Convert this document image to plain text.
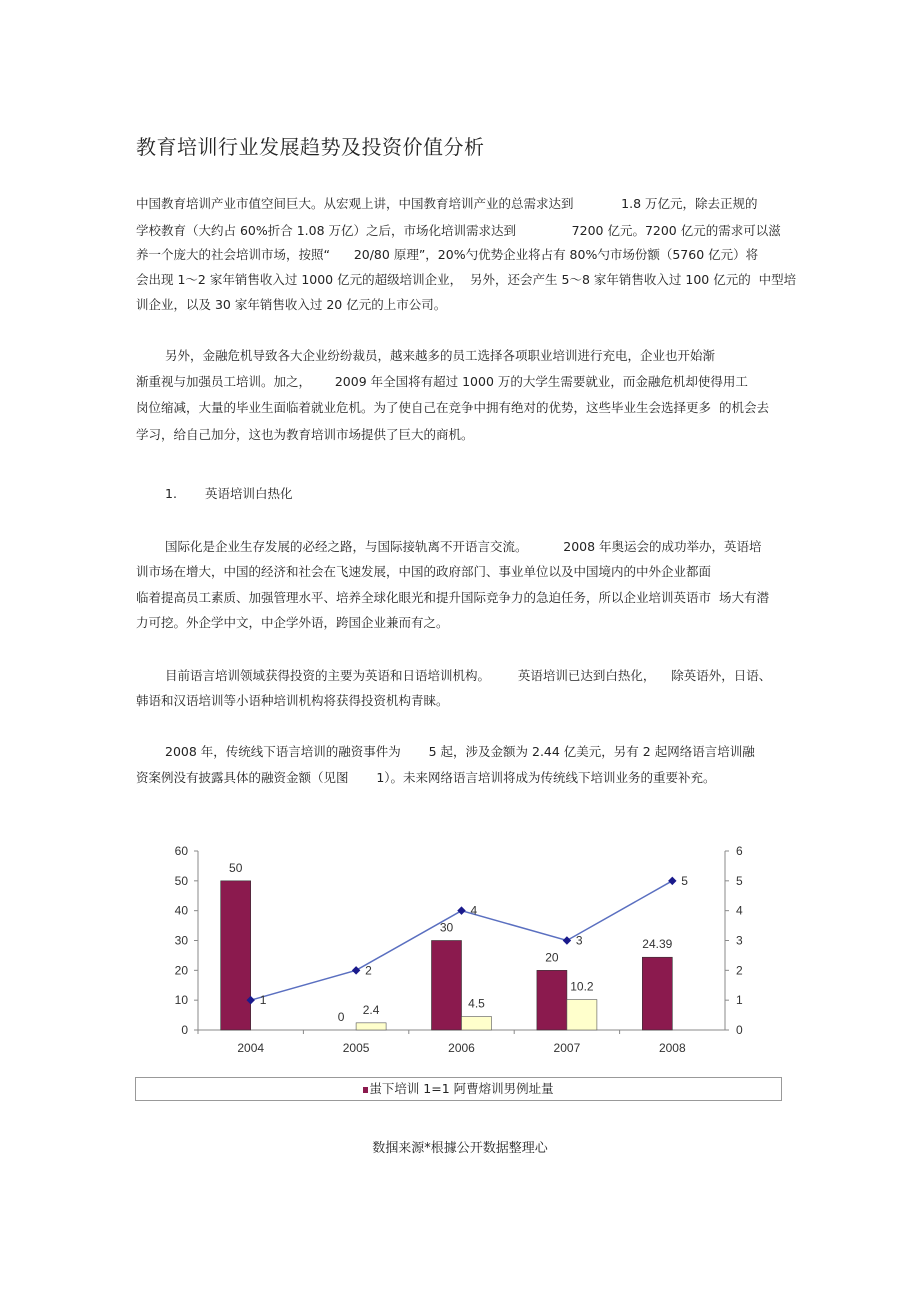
教育培训行业发展趋势及投资价值分析
中国教育培训产业市值空间巨大。从宏观上讲，中国教育培训产业的总需求达到            1.8 万亿元，除去正规的
学校教育（大约占 60%折合 1.08 万亿）之后，市场化培训需求达到              7200 亿元。7200 亿元的需求可以滋
养一个庞大的社会培训市场，按照“      20/80 原理”，20%勺优势企业将占有 80%勺市场份额（5760 亿元）将
会出现 1～2 家年销售收入过 1000 亿元的超级培训企业，  另外，还会产生 5～8 家年销售收入过 100 亿元的  中型培
训企业，以及 30 家年销售收入过 20 亿元的上市公司。
另外，金融危机导致各大企业纷纷裁员，越来越多的员工选择各项职业培训进行充电，企业也开始渐
渐重视与加强员工培训。加之，      2009 年全国将有超过 1000 万的大学生需要就业，而金融危机却使得用工
岗位缩减，大量的毕业生面临着就业危机。为了使自己在竞争中拥有绝对的优势，这些毕业生会选择更多  的机会去
学习，给自己加分，这也为教育培训市场提供了巨大的商机。
1. 英语培训白热化
国际化是企业生存发展的必经之路，与国际接轨离不开语言交流。         2008 年奥运会的成功举办，英语培
训市场在增大，中国的经济和社会在飞速发展，中国的政府部门、事业单位以及中国境内的中外企业都面
临着提高员工素质、加强管理水平、培养全球化眼光和提升国际竞争力的急迫任务，所以企业培训英语市  场大有潜
力可挖。外企学中文，中企学外语，跨国企业兼而有之。
目前语言培训领域获得投资的主要为英语和日语培训机构。       英语培训已达到白热化，    除英语外，日语、
韩语和汉语培训等小语种培训机构将获得投资机构青睐。
2008 年，传统线下语言培训的融资事件为       5 起，涉及金额为 2.44 亿美元，另有 2 起网络语言培训融
资案例没有披露具体的融资金额（见图       1）。未来网络语言培训将成为传统线下培训业务的重要补充。
0
10
20
30
40
50
60
0
1
2
3
4
5
6
2004	2005	2006	2007	2008
50
0
2.4
30
4.5
20
10.2
24.39
1
2
4
3
5
蚩下培训 1=1 阿曹熔训男例址量
数掴来源*根據公开数据整理心
